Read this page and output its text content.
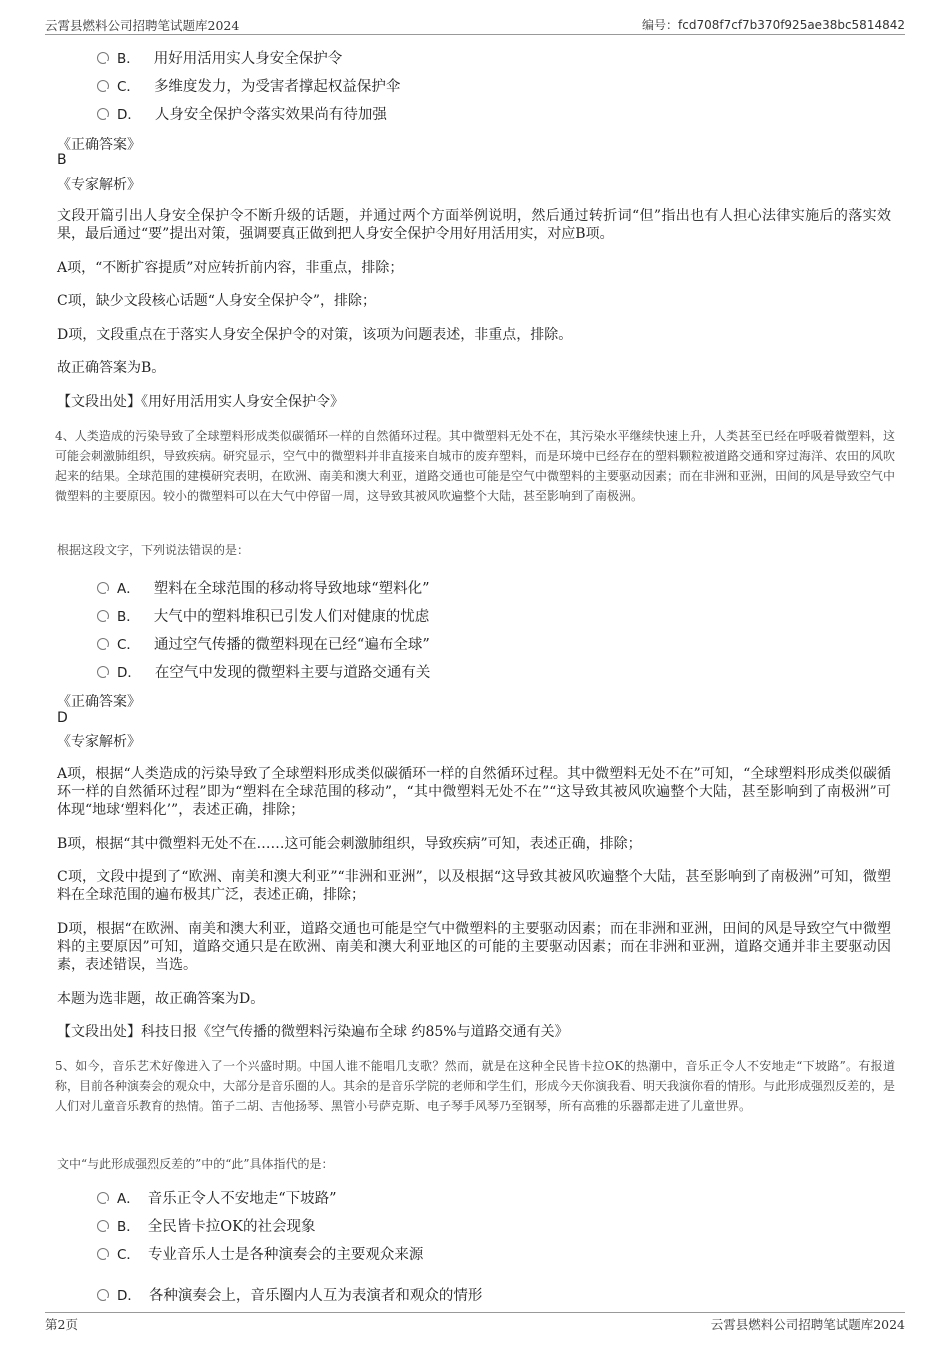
云霄县燃料公司招聘笔试题库2024	编号：fcd708f7cf7b370f925ae38bc5814842
B． 用好用活用实人身安全保护令
C． 多维度发力，为受害者撑起权益保护伞
D． 人身安全保护令落实效果尚有待加强
《正确答案》
B
《专家解析》
文段开篇引出人身安全保护令不断升级的话题，并通过两个方面举例说明，然后通过转折词“但”指出也有人担心法律实施后的落实效果，最后通过“要”提出对策，强调要真正做到把人身安全保护令用好用活用实，对应B项。
A项，“不断扩容提质”对应转折前内容，非重点，排除；
C项，缺少文段核心话题“人身安全保护令”，排除；
D项，文段重点在于落实人身安全保护令的对策，该项为问题表述，非重点，排除。
故正确答案为B。
【文段出处】《用好用活用实人身安全保护令》
4、人类造成的污染导致了全球塑料形成类似碳循环一样的自然循环过程。其中微塑料无处不在，其污染水平继续快速上升，人类甚至已经在呼吸着微塑料，这可能会刺激肺组织，导致疾病。研究显示，空气中的微塑料并非直接来自城市的废弃塑料，而是环境中已经存在的塑料颗粒被道路交通和穿过海洋、农田的风吹起来的结果。全球范围的建模研究表明，在欧洲、南美和澳大利亚，道路交通也可能是空气中微塑料的主要驱动因素；而在非洲和亚洲，田间的风是导致空气中微塑料的主要原因。较小的微塑料可以在大气中停留一周，这导致其被风吹遍整个大陆，甚至影响到了南极洲。
根据这段文字，下列说法错误的是：
A． 塑料在全球范围的移动将导致地球“塑料化”
B． 大气中的塑料堆积已引发人们对健康的忧虑
C． 通过空气传播的微塑料现在已经“遍布全球”
D． 在空气中发现的微塑料主要与道路交通有关
《正确答案》
D
《专家解析》
A项，根据“人类造成的污染导致了全球塑料形成类似碳循环一样的自然循环过程。其中微塑料无处不在”可知，“全球塑料形成类似碳循环一样的自然循环过程”即为“塑料在全球范围的移动”，“其中微塑料无处不在”“这导致其被风吹遍整个大陆，甚至影响到了南极洲”可体现“地球‘塑料化’”，表述正确，排除；
B项，根据“其中微塑料无处不在……这可能会刺激肺组织，导致疾病”可知，表述正确，排除；
C项，文段中提到了“欧洲、南美和澳大利亚”“非洲和亚洲”，以及根据“这导致其被风吹遍整个大陆，甚至影响到了南极洲”可知，微塑料在全球范围的遍布极其广泛，表述正确，排除；
D项，根据“在欧洲、南美和澳大利亚，道路交通也可能是空气中微塑料的主要驱动因素；而在非洲和亚洲，田间的风是导致空气中微塑料的主要原因”可知，道路交通只是在欧洲、南美和澳大利亚地区的可能的主要驱动因素；而在非洲和亚洲，道路交通并非主要驱动因素，表述错误，当选。
本题为选非题，故正确答案为D。
【文段出处】科技日报《空气传播的微塑料污染遍布全球 约85%与道路交通有关》
5、如今，音乐艺术好像进入了一个兴盛时期。中国人谁不能唱几支歌？然而，就是在这种全民皆卡拉OK的热潮中，音乐正令人不安地走“下坡路”。有报道称，目前各种演奏会的观众中，大部分是音乐圈的人。其余的是音乐学院的老师和学生们，形成今天你演我看、明天我演你看的情形。与此形成强烈反差的，是人们对儿童音乐教育的热情。笛子二胡、吉他扬琴、黑管小号萨克斯、电子琴手风琴乃至钢琴，所有高雅的乐器都走进了儿童世界。
文中“与此形成强烈反差的”中的“此”具体指代的是：
A． 音乐正令人不安地走“下坡路”
B． 全民皆卡拉OK的社会现象
C． 专业音乐人士是各种演奏会的主要观众来源
D． 各种演奏会上，音乐圈内人互为表演者和观众的情形
第2页	云霄县燃料公司招聘笔试题库2024
